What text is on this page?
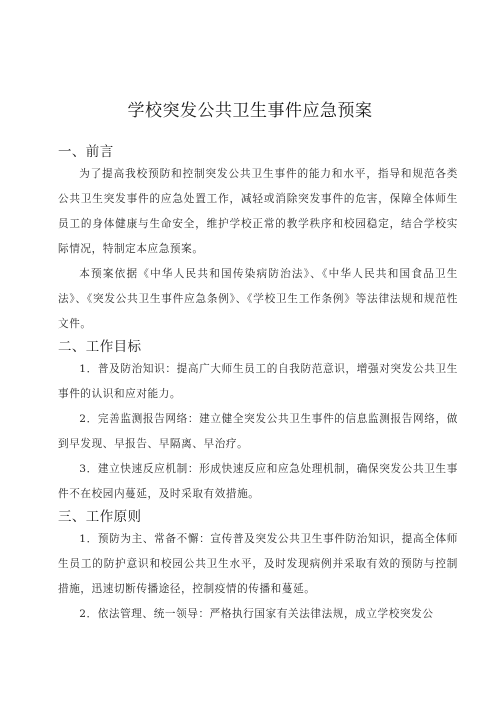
学校突发公共卫生事件应急预案
一、前言

为了提高我校预防和控制突发公共卫生事件的能力和水平，指导和规范各类公共卫生突发事件的应急处置工作，减轻或消除突发事件的危害，保障全体师生员工的身体健康与生命安全，维护学校正常的教学秩序和校园稳定，结合学校实际情况，特制定本应急预案。

本预案依据《中华人民共和国传染病防治法》、《中华人民共和国食品卫生法》、《突发公共卫生事件应急条例》、《学校卫生工作条例》等法律法规和规范性文件。

二、工作目标

1．普及防治知识：提高广大师生员工的自我防范意识，增强对突发公共卫生事件的认识和应对能力。

2．完善监测报告网络：建立健全突发公共卫生事件的信息监测报告网络，做到早发现、早报告、早隔离、早治疗。

3．建立快速反应机制：形成快速反应和应急处理机制，确保突发公共卫生事件不在校园内蔓延，及时采取有效措施。

三、工作原则

1．预防为主、常备不懈：宣传普及突发公共卫生事件防治知识，提高全体师生员工的防护意识和校园公共卫生水平，及时发现病例并采取有效的预防与控制措施，迅速切断传播途径，控制疫情的传播和蔓延。

2．依法管理、统一领导：严格执行国家有关法律法规，成立学校突发公
